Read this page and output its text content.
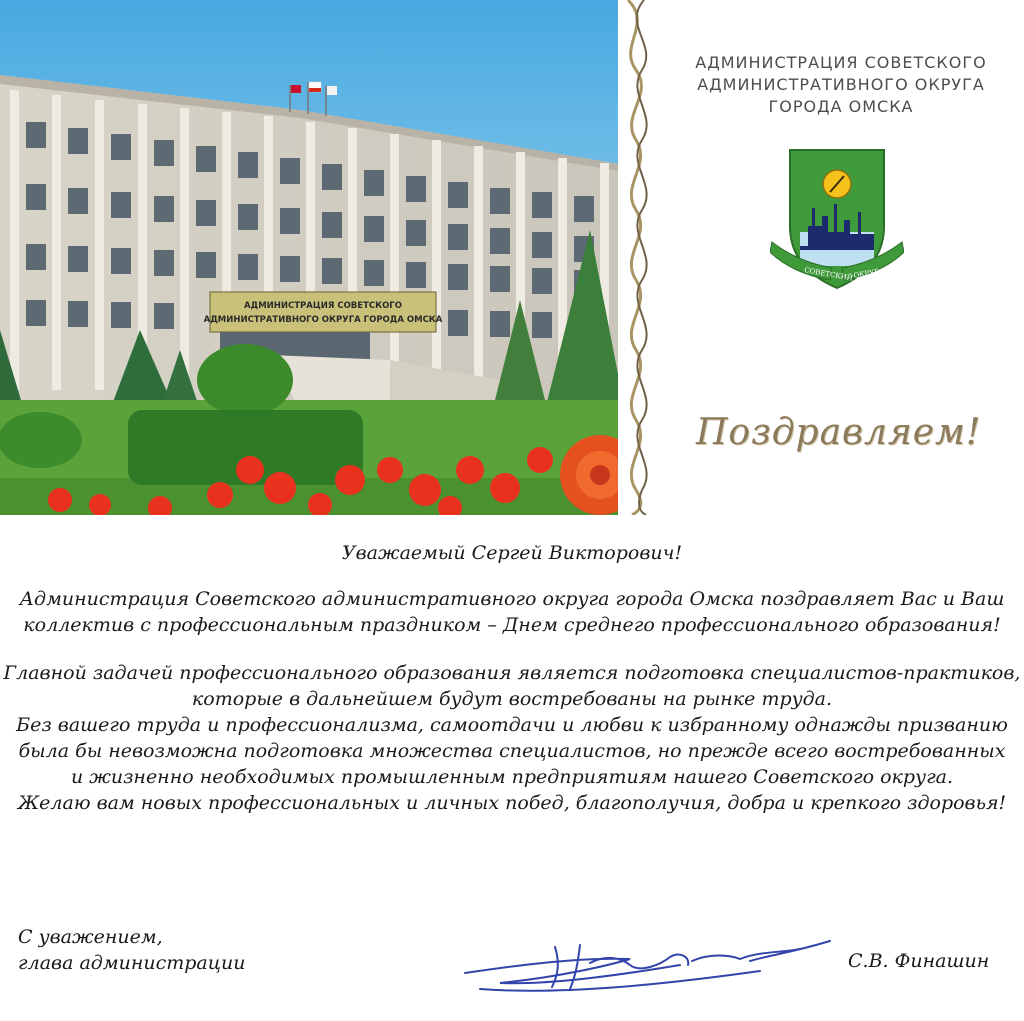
АДМИНИСТРАЦИЯ СОВЕТСКОГО
АДМИНИСТРАТИВНОГО ОКРУГА ГОРОДА ОМСКА
АДМИНИСТРАЦИЯ СОВЕТСКОГО
АДМИНИСТРАТИВНОГО ОКРУГА
ГОРОДА ОМСКА
СОВЕТСКИЙ ОКРУГ
Поздравляем!

Уважаемый Сергей Викторович!

Администрация Советского административного округа города Омска поздравляет Вас и Ваш

коллектив с профессиональным праздником – Днем среднего профессионального образования!

Главной задачей профессионального образования является подготовка специалистов-практиков,

которые в дальнейшем будут востребованы на рынке труда.

Без вашего труда и профессионализма, самоотдачи и любви к избранному однажды призванию

была бы невозможна подготовка множества специалистов, но прежде всего востребованных

и жизненно необходимых промышленным предприятиям нашего Советского округа.

Желаю вам новых профессиональных и личных побед, благополучия, добра и крепкого здоровья!

С уважением,
глава администрации	С.В. Финашин
